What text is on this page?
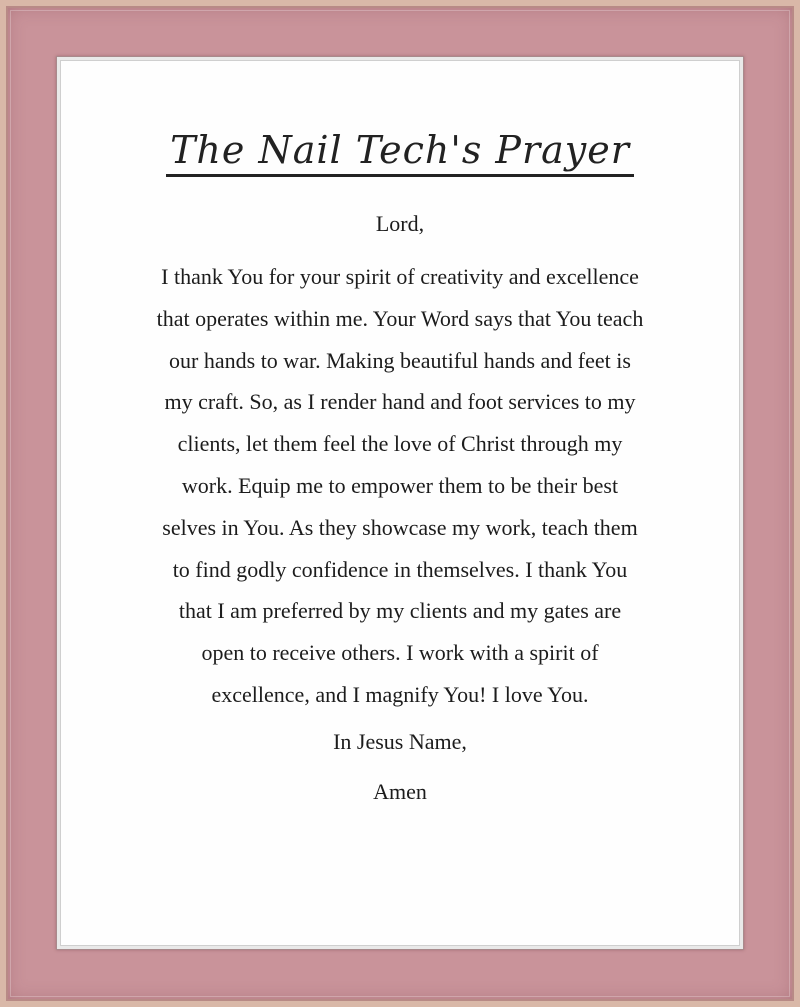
The Nail Tech's Prayer
Lord,
I thank You for your spirit of creativity and excellence
that operates within me. Your Word says that You teach
our hands to war. Making beautiful hands and feet is
my craft. So, as I render hand and foot services to my
clients, let them feel the love of Christ through my
work. Equip me to empower them to be their best
selves in You. As they showcase my work, teach them
to find godly confidence in themselves. I thank You
that I am preferred by my clients and my gates are
open to receive others. I work with a spirit of
excellence, and I magnify You! I love You.
In Jesus Name,
Amen
